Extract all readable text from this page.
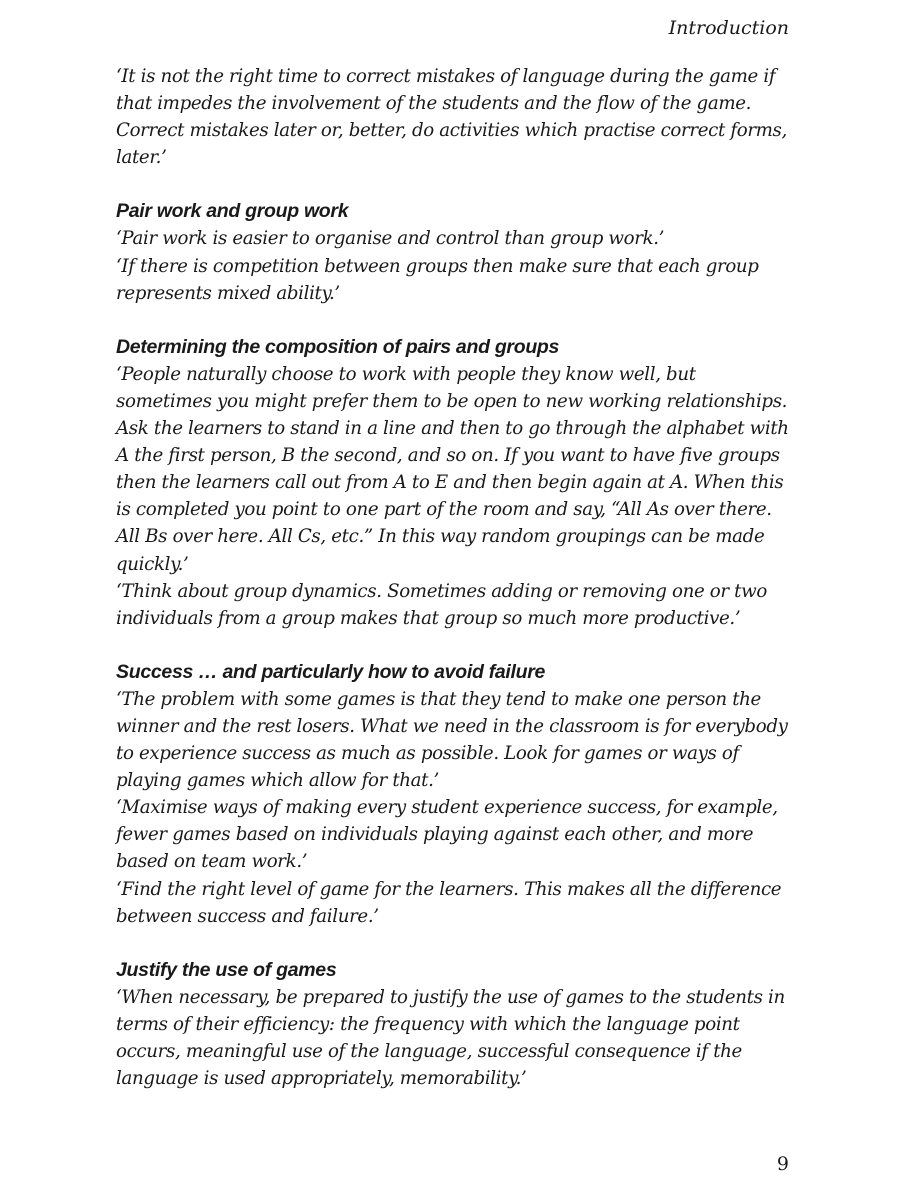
Introduction

‘It is not the right time to correct mistakes of language during the game if that impedes the involvement of the students and the flow of the game. Correct mistakes later or, better, do activities which practise correct forms, later.’

Pair work and group work

‘Pair work is easier to organise and control than group work.’

‘If there is competition between groups then make sure that each group represents mixed ability.’

Determining the composition of pairs and groups

‘People naturally choose to work with people they know well, but sometimes you might prefer them to be open to new working relationships. Ask the learners to stand in a line and then to go through the alphabet with A the first person, B the second, and so on. If you want to have five groups then the learners call out from A to E and then begin again at A. When this is completed you point to one part of the room and say, “All As over there. All Bs over here. All Cs, etc.” In this way random groupings can be made quickly.’

‘Think about group dynamics. Sometimes adding or removing one or two individuals from a group makes that group so much more productive.’

Success … and particularly how to avoid failure

‘The problem with some games is that they tend to make one person the winner and the rest losers. What we need in the classroom is for everybody to experience success as much as possible. Look for games or ways of playing games which allow for that.’

‘Maximise ways of making every student experience success, for example, fewer games based on individuals playing against each other, and more based on team work.’

‘Find the right level of game for the learners. This makes all the difference between success and failure.’

Justify the use of games

‘When necessary, be prepared to justify the use of games to the students in terms of their efficiency: the frequency with which the language point occurs, meaningful use of the language, successful consequence if the language is used appropriately, memorability.’

9
